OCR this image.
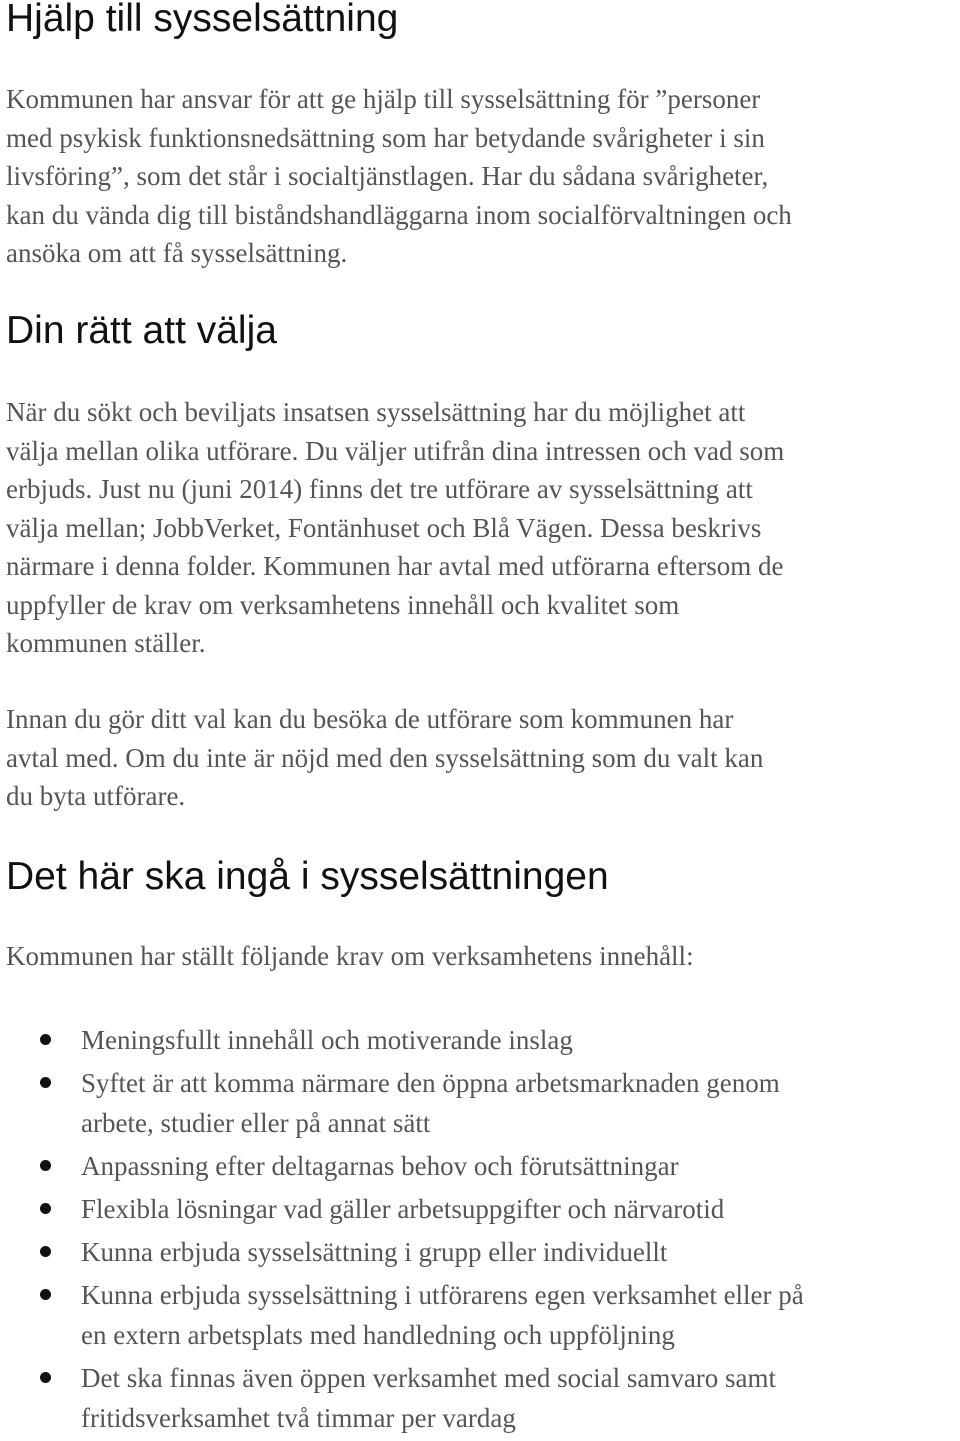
Hjälp till sysselsättning

Kommunen har ansvar för att ge hjälp till sysselsättning för ”personer
med psykisk funktionsnedsättning som har betydande svårigheter i sin
livsföring”, som det står i socialtjänstlagen. Har du sådana svårigheter,
kan du vända dig till biståndshandläggarna inom socialförvaltningen och
ansöka om att få sysselsättning.

Din rätt att välja

När du sökt och beviljats insatsen sysselsättning har du möjlighet att
välja mellan olika utförare. Du väljer utifrån dina intressen och vad som
erbjuds. Just nu (juni 2014) finns det tre utförare av sysselsättning att
välja mellan; JobbVerket, Fontänhuset och Blå Vägen. Dessa beskrivs
närmare i denna folder. Kommunen har avtal med utförarna eftersom de
uppfyller de krav om verksamhetens innehåll och kvalitet som
kommunen ställer.

Innan du gör ditt val kan du besöka de utförare som kommunen har
avtal med. Om du inte är nöjd med den sysselsättning som du valt kan
du byta utförare.

Det här ska ingå i sysselsättningen

Kommunen har ställt följande krav om verksamhetens innehåll:

Meningsfullt innehåll och motiverande inslag
Syftet är att komma närmare den öppna arbetsmarknaden genom
arbete, studier eller på annat sätt
Anpassning efter deltagarnas behov och förutsättningar
Flexibla lösningar vad gäller arbetsuppgifter och närvarotid
Kunna erbjuda sysselsättning i grupp eller individuellt
Kunna erbjuda sysselsättning i utförarens egen verksamhet eller på
en extern arbetsplats med handledning och uppföljning
Det ska finnas även öppen verksamhet med social samvaro samt
fritidsverksamhet två timmar per vardag
